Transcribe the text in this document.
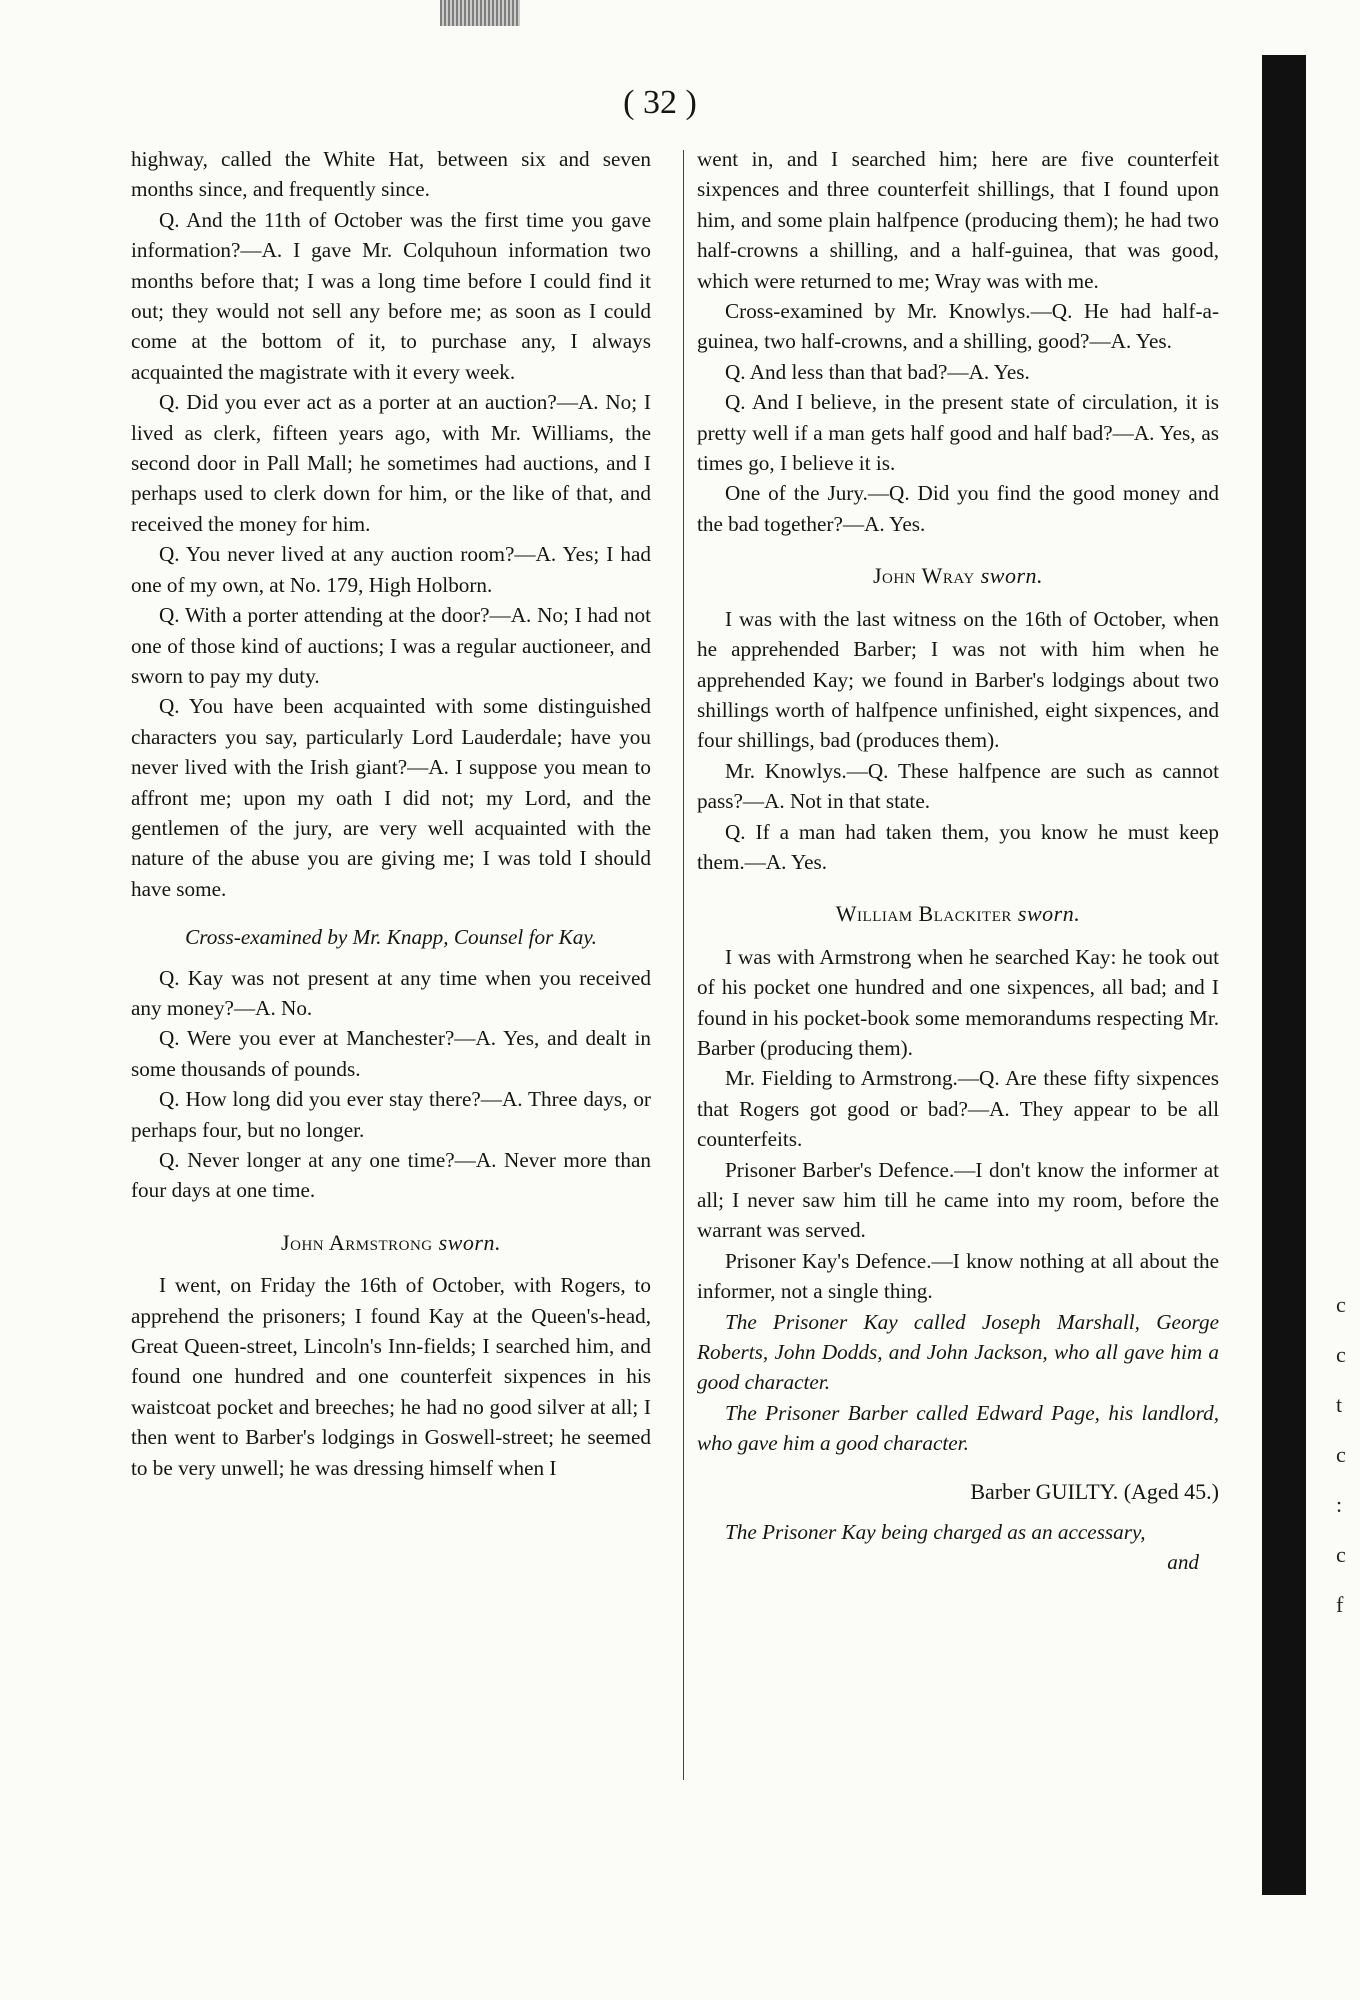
( 32 )

highway, called the White Hat, between six and seven months since, and frequently since.

Q. And the 11th of October was the first time you gave information?—A. I gave Mr. Colquhoun information two months before that; I was a long time before I could find it out; they would not sell any before me; as soon as I could come at the bottom of it, to purchase any, I always acquainted the magistrate with it every week.

Q. Did you ever act as a porter at an auction?—A. No; I lived as clerk, fifteen years ago, with Mr. Williams, the second door in Pall Mall; he sometimes had auctions, and I perhaps used to clerk down for him, or the like of that, and received the money for him.

Q. You never lived at any auction room?—A. Yes; I had one of my own, at No. 179, High Holborn.

Q. With a porter attending at the door?—A. No; I had not one of those kind of auctions; I was a regular auctioneer, and sworn to pay my duty.

Q. You have been acquainted with some distinguished characters you say, particularly Lord Lauderdale; have you never lived with the Irish giant?—A. I suppose you mean to affront me; upon my oath I did not; my Lord, and the gentlemen of the jury, are very well acquainted with the nature of the abuse you are giving me; I was told I should have some.

Cross-examined by Mr. Knapp, Counsel for Kay.

Q. Kay was not present at any time when you received any money?—A. No.

Q. Were you ever at Manchester?—A. Yes, and dealt in some thousands of pounds.

Q. How long did you ever stay there?—A. Three days, or perhaps four, but no longer.

Q. Never longer at any one time?—A. Never more than four days at one time.

John Armstrong sworn.

I went, on Friday the 16th of October, with Rogers, to apprehend the prisoners; I found Kay at the Queen's-head, Great Queen-street, Lincoln's Inn-fields; I searched him, and found one hundred and one counterfeit sixpences in his waistcoat pocket and breeches; he had no good silver at all; I then went to Barber's lodgings in Goswell-street; he seemed to be very unwell; he was dressing himself when I

went in, and I searched him; here are five counterfeit sixpences and three counterfeit shillings, that I found upon him, and some plain halfpence (producing them); he had two half-crowns a shilling, and a half-guinea, that was good, which were returned to me; Wray was with me.

Cross-examined by Mr. Knowlys.—Q. He had half-a-guinea, two half-crowns, and a shilling, good?—A. Yes.

Q. And less than that bad?—A. Yes.

Q. And I believe, in the present state of circulation, it is pretty well if a man gets half good and half bad?—A. Yes, as times go, I believe it is.

One of the Jury.—Q. Did you find the good money and the bad together?—A. Yes.

John Wray sworn.

I was with the last witness on the 16th of October, when he apprehended Barber; I was not with him when he apprehended Kay; we found in Barber's lodgings about two shillings worth of halfpence unfinished, eight sixpences, and four shillings, bad (produces them).

Mr. Knowlys.—Q. These halfpence are such as cannot pass?—A. Not in that state.

Q. If a man had taken them, you know he must keep them.—A. Yes.

William Blackiter sworn.

I was with Armstrong when he searched Kay: he took out of his pocket one hundred and one sixpences, all bad; and I found in his pocket-book some memorandums respecting Mr. Barber (producing them).

Mr. Fielding to Armstrong.—Q. Are these fifty sixpences that Rogers got good or bad?—A. They appear to be all counterfeits.

Prisoner Barber's Defence.—I don't know the informer at all; I never saw him till he came into my room, before the warrant was served.

Prisoner Kay's Defence.—I know nothing at all about the informer, not a single thing.

The Prisoner Kay called Joseph Marshall, George Roberts, John Dodds, and John Jackson, who all gave him a good character.

The Prisoner Barber called Edward Page, his landlord, who gave him a good character.

Barber GUILTY. (Aged 45.)

The Prisoner Kay being charged as an accessary,

and

c
c
t
c
:
c
f
